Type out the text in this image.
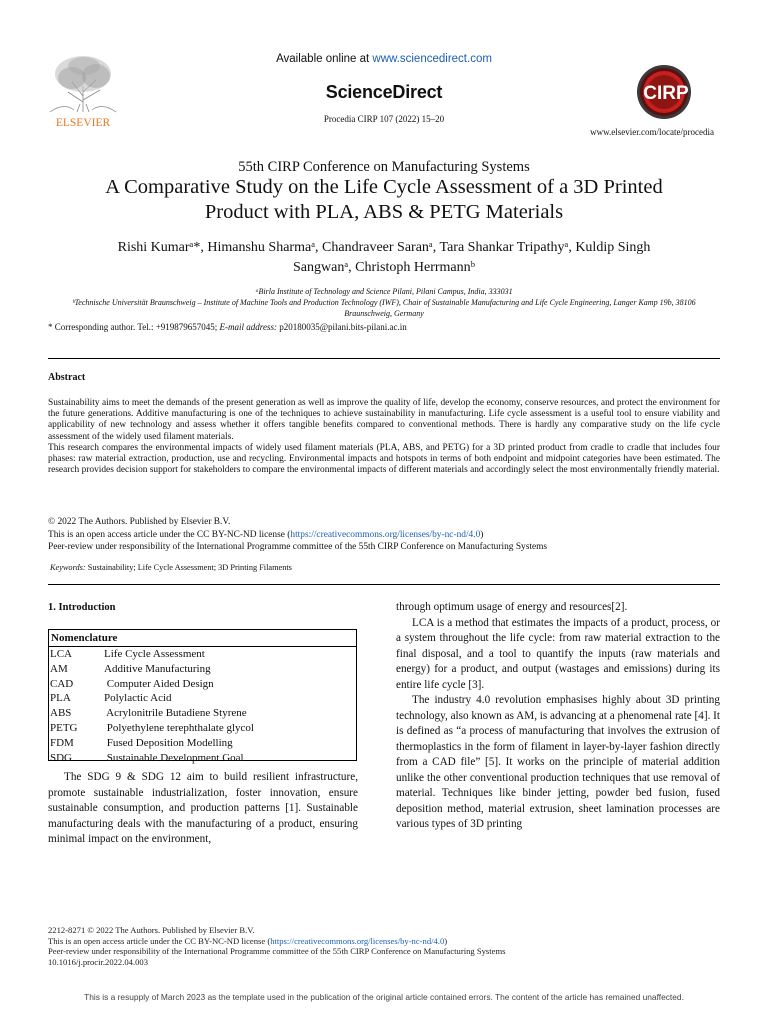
ELSEVIER
Available online at www.sciencedirect.com
ScienceDirect
Procedia CIRP 107 (2022) 15–20
CIRP
www.elsevier.com/locate/procedia
55th CIRP Conference on Manufacturing Systems
A Comparative Study on the Life Cycle Assessment of a 3D Printed Product with PLA, ABS & PETG Materials
Rishi Kumarᵃ*, Himanshu Sharmaᵃ, Chandraveer Saranᵃ, Tara Shankar Tripathyᵃ, Kuldip Singh
Sangwanᵃ, Christoph Herrmannᵇ
ᵃBirla Institute of Technology and Science Pilani, Pilani Campus, India, 333031
ᵇTechnische Universität Braunschweig – Institute of Machine Tools and Production Technology (IWF), Chair of Sustainable Manufacturing and Life Cycle Engineering, Langer Kamp 19b, 38106 Braunschweig, Germany
* Corresponding author. Tel.: +919879657045; E-mail address: p20180035@pilani.bits-pilani.ac.in
Abstract

Sustainability aims to meet the demands of the present generation as well as improve the quality of life, develop the economy, conserve resources, and protect the environment for the future generations. Additive manufacturing is one of the techniques to achieve sustainability in manufacturing. Life cycle assessment is a useful tool to ensure viability and applicability of new technology and assess whether it offers tangible benefits compared to conventional methods. There is hardly any comparative study on the life cycle assessment of the widely used filament materials.

This research compares the environmental impacts of widely used filament materials (PLA, ABS, and PETG) for a 3D printed product from cradle to cradle that includes four phases: raw material extraction, production, use and recycling. Environmental impacts and hotspots in terms of both endpoint and midpoint categories have been estimated. The research provides decision support for stakeholders to compare the environmental impacts of different materials and accordingly select the most environmentally friendly material.

© 2022 The Authors. Published by Elsevier B.V.
This is an open access article under the CC BY-NC-ND license (https://creativecommons.org/licenses/by-nc-nd/4.0)
Peer-review under responsibility of the International Programme committee of the 55th CIRP Conference on Manufacturing Systems
Keywords: Sustainability; Life Cycle Assessment; 3D Printing Filaments
1. Introduction
Nomenclature
LCA	Life Cycle Assessment
AM	Additive Manufacturing
CAD	Computer Aided Design
PLA	Polylactic Acid
ABS	Acrylonitrile Butadiene Styrene
PETG Polyethylene terephthalate glycol
FDM	Fused Deposition Modelling
SDG	Sustainable Development Goal

The SDG 9 & SDG 12 aim to build resilient infrastructure, promote sustainable industrialization, foster innovation, ensure sustainable consumption, and production patterns [1]. Sustainable manufacturing deals with the manufacturing of a product, ensuring minimal impact on the environment,

through optimum usage of energy and resources[2].

LCA is a method that estimates the impacts of a product, process, or a system throughout the life cycle: from raw material extraction to the final disposal, and a tool to quantify the inputs (raw materials and energy) for a product, and output (wastages and emissions) during its entire life cycle [3].

The industry 4.0 revolution emphasises highly about 3D printing technology, also known as AM, is advancing at a phenomenal rate [4]. It is defined as “a process of manufacturing that involves the extrusion of thermoplastics in the form of filament in layer-by-layer fashion directly from a CAD file” [5]. It works on the principle of material addition unlike the other conventional production techniques that use removal of material. Techniques like binder jetting, powder bed fusion, fused deposition method, material extrusion, sheet lamination processes are various types of 3D printing

2212-8271 © 2022 The Authors. Published by Elsevier B.V.
This is an open access article under the CC BY-NC-ND license (https://creativecommons.org/licenses/by-nc-nd/4.0)
Peer-review under responsibility of the International Programme committee of the 55th CIRP Conference on Manufacturing Systems
10.1016/j.procir.2022.04.003
This is a resupply of March 2023 as the template used in the publication of the original article contained errors. The content of the article has remained unaffected.
